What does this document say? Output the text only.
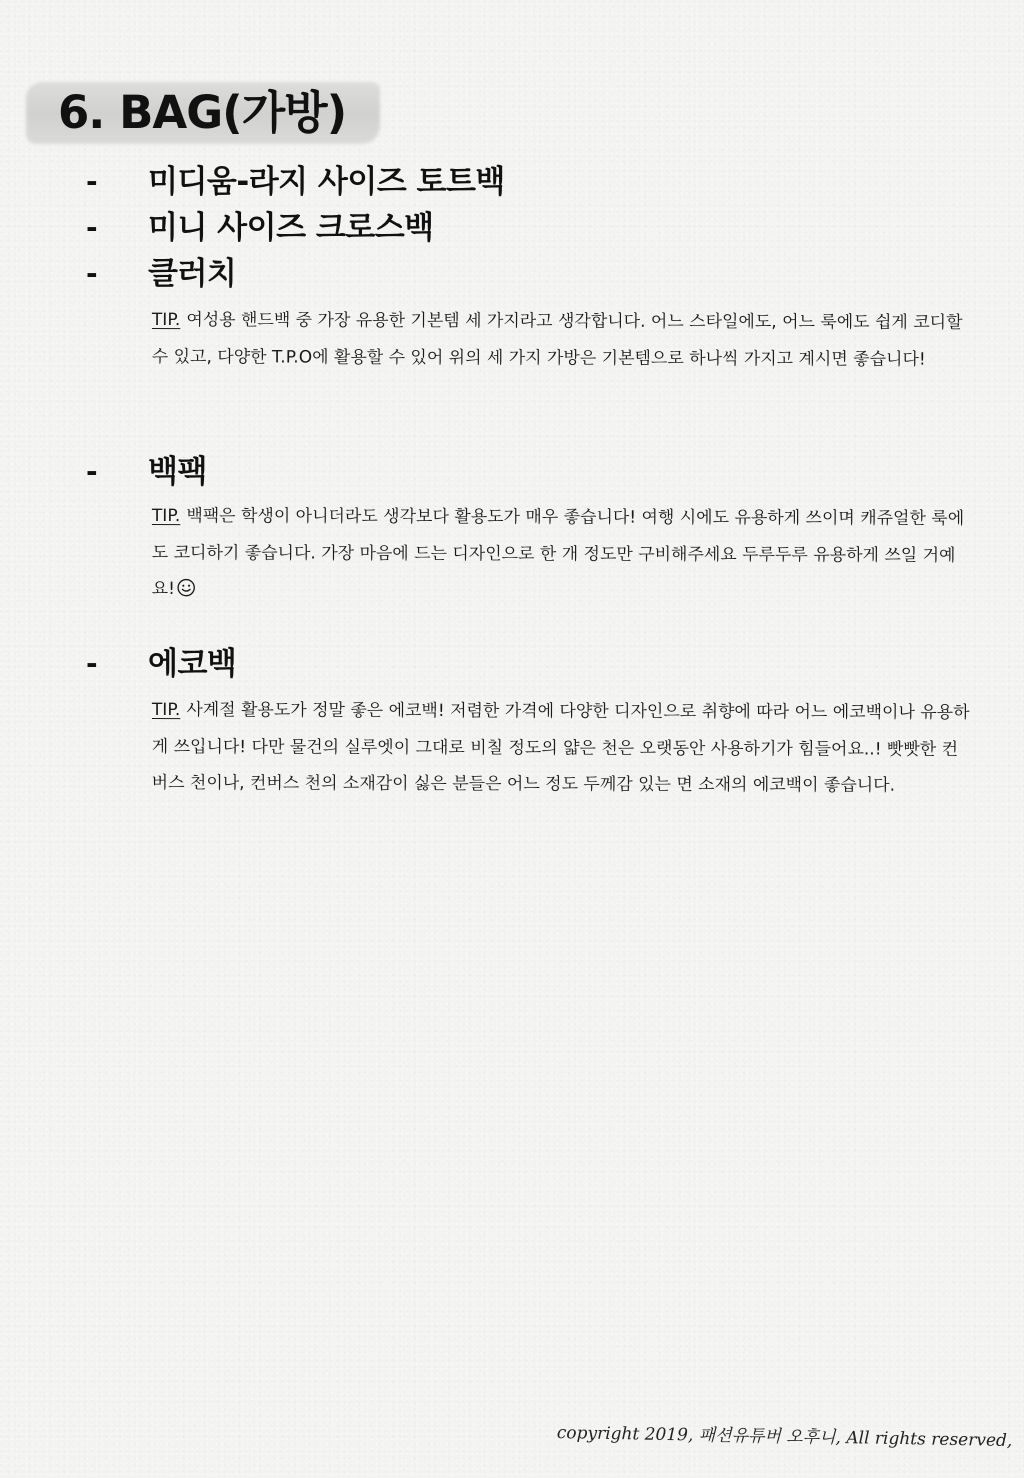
6. BAG(가방)
- 미디움-라지 사이즈 토트백
- 미니 사이즈 크로스백
- 클러치
TIP. 여성용 핸드백 중 가장 유용한 기본템 세 가지라고 생각합니다. 어느 스타일에도, 어느 룩에도 쉽게 코디할 수 있고, 다양한 T.P.O에 활용할 수 있어 위의 세 가지 가방은 기본템으로 하나씩 가지고 계시면 좋습니다!
- 백팩
TIP. 백팩은 학생이 아니더라도 생각보다 활용도가 매우 좋습니다! 여행 시에도 유용하게 쓰이며 캐쥬얼한 룩에도 코디하기 좋습니다. 가장 마음에 드는 디자인으로 한 개 정도만 구비해주세요 두루두루 유용하게 쓰일 거예요!
- 에코백
TIP. 사계절 활용도가 정말 좋은 에코백! 저렴한 가격에 다양한 디자인으로 취향에 따라 어느 에코백이나 유용하게 쓰입니다! 다만 물건의 실루엣이 그대로 비칠 정도의 얇은 천은 오랫동안 사용하기가 힘들어요..! 빳빳한 컨버스 천이나, 컨버스 천의 소재감이 싫은 분들은 어느 정도 두께감 있는 면 소재의 에코백이 좋습니다.
copyright 2019, 패션유튜버 오후니, All rights reserved,
